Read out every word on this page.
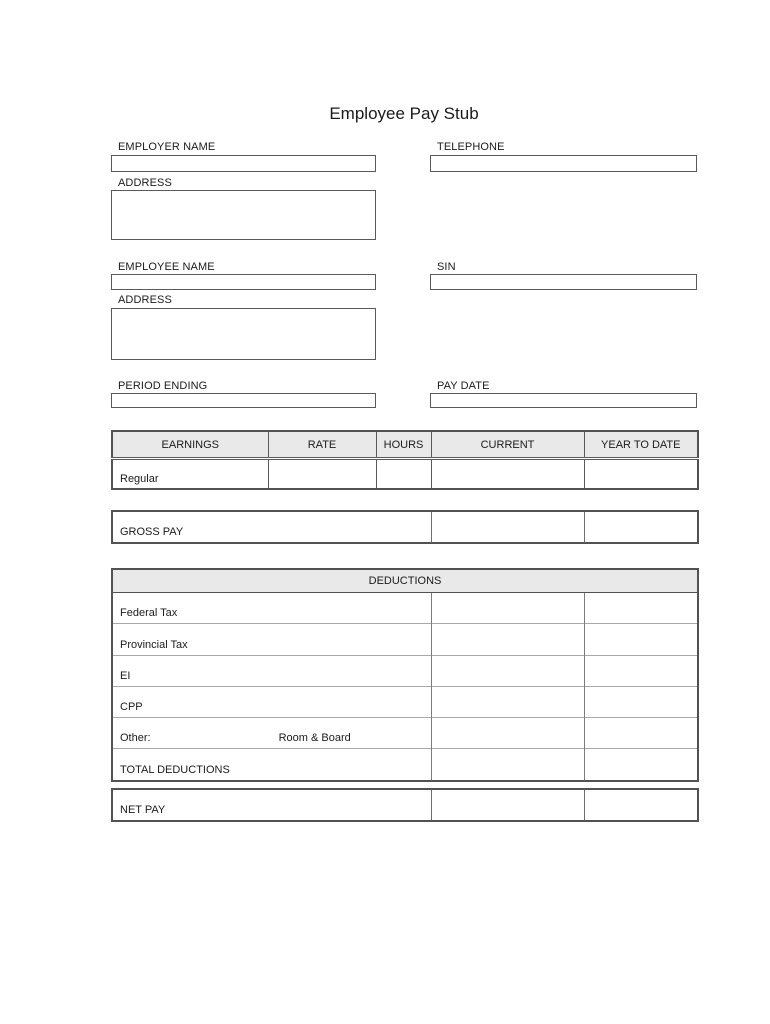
Employee Pay Stub
EMPLOYER NAME	TELEPHONE
ADDRESS
EMPLOYEE NAME	SIN
ADDRESS
PERIOD ENDING	PAY DATE
EARNINGS	RATE	HOURS	CURRENT	YEAR TO DATE
Regular				
GROSS PAY		
DEDUCTIONS		
Federal Tax		
Provincial Tax		
EI		
CPP		
Other: Room & Board		
TOTAL DEDUCTIONS		
NET PAY		
